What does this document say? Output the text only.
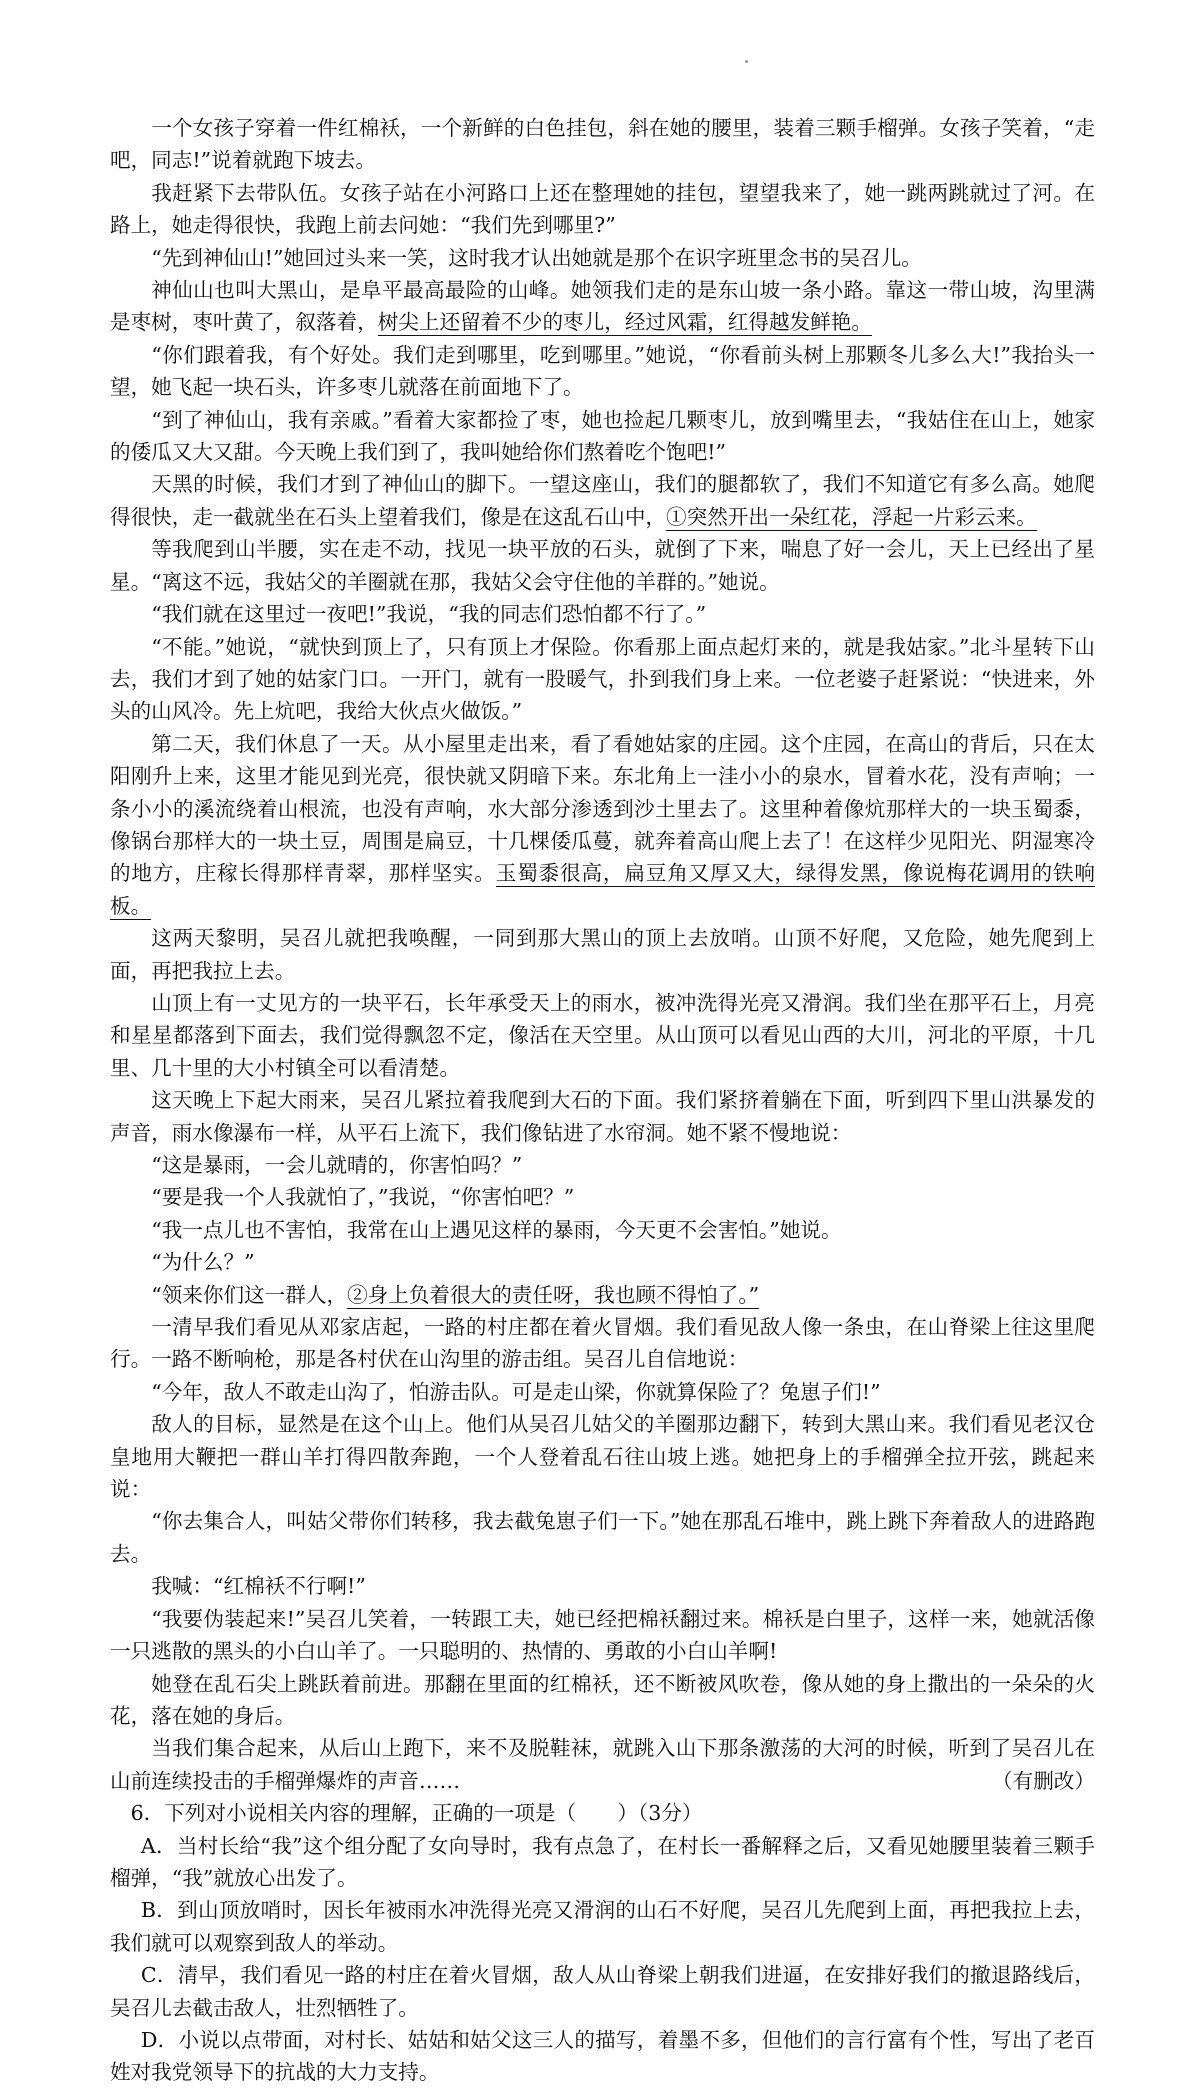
一个女孩子穿着一件红棉袄，一个新鲜的白色挂包，斜在她的腰里，装着三颗手榴弹。女孩子笑着，“走吧，同志!”说着就跑下坡去。

我赶紧下去带队伍。女孩子站在小河路口上还在整理她的挂包，望望我来了，她一跳两跳就过了河。在路上，她走得很快，我跑上前去问她：“我们先到哪里?”

“先到神仙山!”她回过头来一笑，这时我才认出她就是那个在识字班里念书的吴召儿。

神仙山也叫大黑山，是阜平最高最险的山峰。她领我们走的是东山坡一条小路。靠这一带山坡，沟里满是枣树，枣叶黄了，叙落着，树尖上还留着不少的枣儿，经过风霜，红得越发鲜艳。

“你们跟着我，有个好处。我们走到哪里，吃到哪里。”她说，“你看前头树上那颗冬儿多么大!”我抬头一望，她飞起一块石头，许多枣儿就落在前面地下了。

“到了神仙山，我有亲戚。”看着大家都捡了枣，她也捡起几颗枣儿，放到嘴里去，“我姑住在山上，她家的倭瓜又大又甜。今天晚上我们到了，我叫她给你们熬着吃个饱吧!”

天黑的时候，我们才到了神仙山的脚下。一望这座山，我们的腿都软了，我们不知道它有多么高。她爬得很快，走一截就坐在石头上望着我们，像是在这乱石山中，①突然开出一朵红花，浮起一片彩云来。

等我爬到山半腰，实在走不动，找见一块平放的石头，就倒了下来，喘息了好一会儿，天上已经出了星星。“离这不远，我姑父的羊圈就在那，我姑父会守住他的羊群的。”她说。

“我们就在这里过一夜吧!”我说，“我的同志们恐怕都不行了。”

“不能。”她说，“就快到顶上了，只有顶上才保险。你看那上面点起灯来的，就是我姑家。”北斗星转下山去，我们才到了她的姑家门口。一开门，就有一股暖气，扑到我们身上来。一位老婆子赶紧说：“快进来，外头的山风冷。先上炕吧，我给大伙点火做饭。”

第二天，我们休息了一天。从小屋里走出来，看了看她姑家的庄园。这个庄园，在高山的背后，只在太阳刚升上来，这里才能见到光亮，很快就又阴暗下来。东北角上一洼小小的泉水，冒着水花，没有声响；一条小小的溪流绕着山根流，也没有声响，水大部分渗透到沙土里去了。这里种着像炕那样大的一块玉蜀黍，像锅台那样大的一块土豆，周围是扁豆，十几棵倭瓜蔓，就奔着高山爬上去了！在这样少见阳光、阴湿寒冷的地方，庄稼长得那样青翠，那样坚实。玉蜀黍很高，扁豆角又厚又大，绿得发黑，像说梅花调用的铁响板。

这两天黎明，吴召儿就把我唤醒，一同到那大黑山的顶上去放哨。山顶不好爬，又危险，她先爬到上面，再把我拉上去。

山顶上有一丈见方的一块平石，长年承受天上的雨水，被冲洗得光亮又滑润。我们坐在那平石上，月亮和星星都落到下面去，我们觉得飘忽不定，像活在天空里。从山顶可以看见山西的大川，河北的平原，十几里、几十里的大小村镇全可以看清楚。

这天晚上下起大雨来，吴召儿紧拉着我爬到大石的下面。我们紧挤着躺在下面，听到四下里山洪暴发的声音，雨水像瀑布一样，从平石上流下，我们像钻进了水帘洞。她不紧不慢地说：

“这是暴雨，一会儿就晴的，你害怕吗？”

“要是我一个人我就怕了，”我说，“你害怕吧？”

“我一点儿也不害怕，我常在山上遇见这样的暴雨，今天更不会害怕。”她说。

“为什么？”

“领来你们这一群人，②身上负着很大的责任呀，我也顾不得怕了。”

一清早我们看见从邓家店起，一路的村庄都在着火冒烟。我们看见敌人像一条虫，在山脊梁上往这里爬行。一路不断响枪，那是各村伏在山沟里的游击组。吴召儿自信地说：

“今年，敌人不敢走山沟了，怕游击队。可是走山梁，你就算保险了？兔崽子们!”

敌人的目标，显然是在这个山上。他们从吴召儿姑父的羊圈那边翻下，转到大黑山来。我们看见老汉仓皇地用大鞭把一群山羊打得四散奔跑，一个人登着乱石往山坡上逃。她把身上的手榴弹全拉开弦，跳起来说：

“你去集合人，叫姑父带你们转移，我去截兔崽子们一下。”她在那乱石堆中，跳上跳下奔着敌人的进路跑去。

我喊：“红棉袄不行啊!”

“我要伪装起来!”吴召儿笑着，一转跟工夫，她已经把棉袄翻过来。棉袄是白里子，这样一来，她就活像一只逃散的黑头的小白山羊了。一只聪明的、热情的、勇敢的小白山羊啊!

她登在乱石尖上跳跃着前进。那翻在里面的红棉袄，还不断被风吹卷，像从她的身上撒出的一朵朵的火花，落在她的身后。

当我们集合起来，从后山上跑下，来不及脱鞋袜，就跳入山下那条激荡的大河的时候，听到了吴召儿在山前连续投击的手榴弹爆炸的声音……	（有删改）

6．下列对小说相关内容的理解，正确的一项是（　　）（3分）

A．当村长给“我”这个组分配了女向导时，我有点急了，在村长一番解释之后，又看见她腰里装着三颗手榴弹，“我”就放心出发了。

B．到山顶放哨时，因长年被雨水冲洗得光亮又滑润的山石不好爬，吴召儿先爬到上面，再把我拉上去，我们就可以观察到敌人的举动。

C．清早，我们看见一路的村庄在着火冒烟，敌人从山脊梁上朝我们进逼，在安排好我们的撤退路线后，吴召儿去截击敌人，壮烈牺牲了。

D．小说以点带面，对村长、姑姑和姑父这三人的描写，着墨不多，但他们的言行富有个性，写出了老百姓对我党领导下的抗战的大力支持。
